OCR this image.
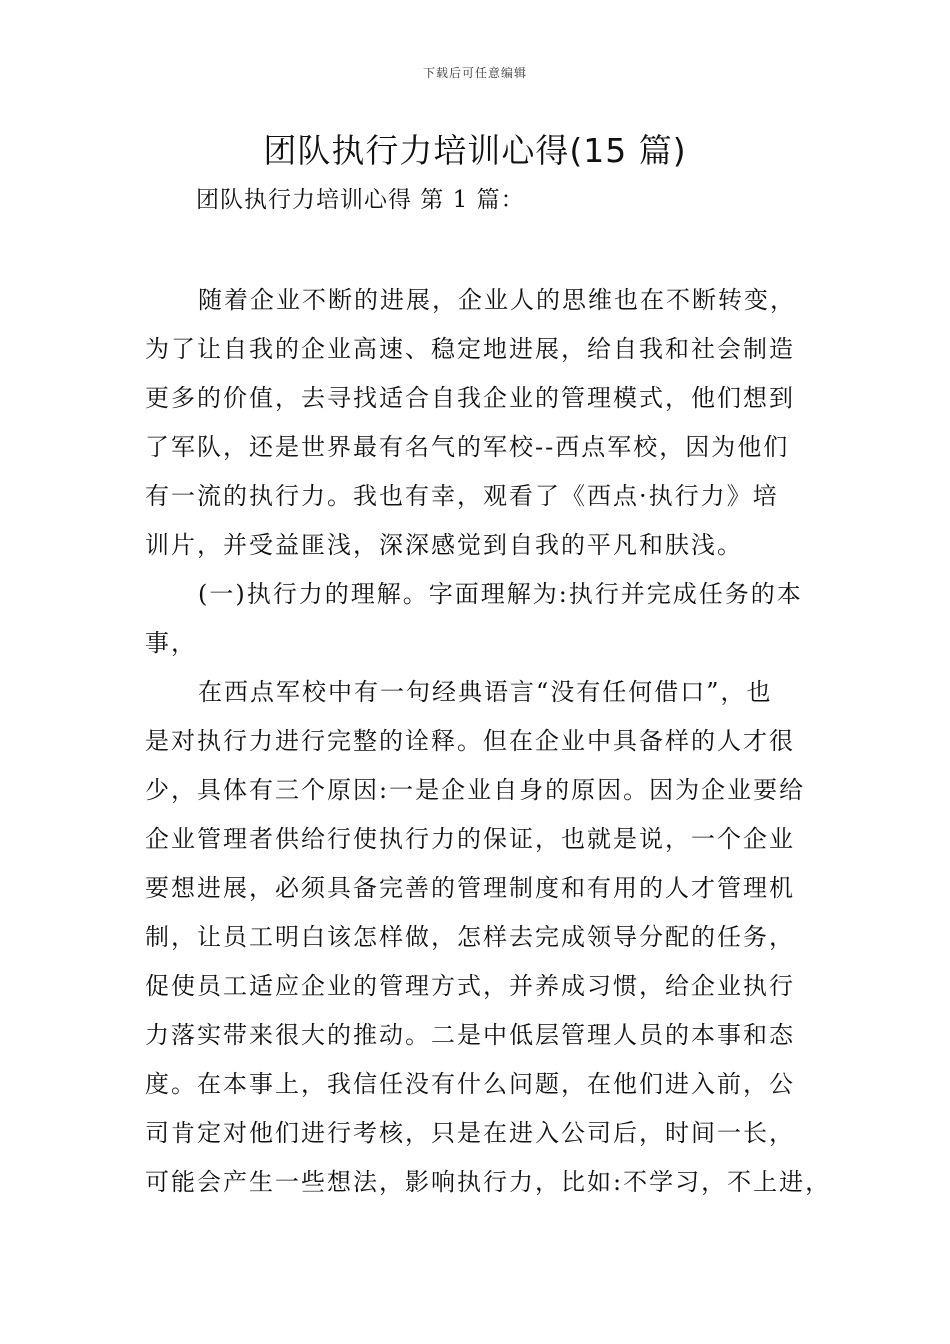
下载后可任意编辑
团队执行力培训心得(15 篇)
团队执行力培训心得 第 1 篇：
随着企业不断的进展，企业人的思维也在不断转变，
为了让自我的企业高速、稳定地进展，给自我和社会制造
更多的价值，去寻找适合自我企业的管理模式，他们想到
了军队，还是世界最有名气的军校--西点军校，因为他们
有一流的执行力。我也有幸，观看了《西点·执行力》培
训片，并受益匪浅，深深感觉到自我的平凡和肤浅。
(一)执行力的理解。字面理解为:执行并完成任务的本
事，
在西点军校中有一句经典语言“没有任何借口”，也
是对执行力进行完整的诠释。但在企业中具备样的人才很
少，具体有三个原因:一是企业自身的原因。因为企业要给
企业管理者供给行使执行力的保证，也就是说，一个企业
要想进展，必须具备完善的管理制度和有用的人才管理机
制，让员工明白该怎样做，怎样去完成领导分配的任务，
促使员工适应企业的管理方式，并养成习惯，给企业执行
力落实带来很大的推动。二是中低层管理人员的本事和态
度。在本事上，我信任没有什么问题，在他们进入前，公
司肯定对他们进行考核，只是在进入公司后，时间一长，
可能会产生一些想法，影响执行力，比如:不学习，不上进，
